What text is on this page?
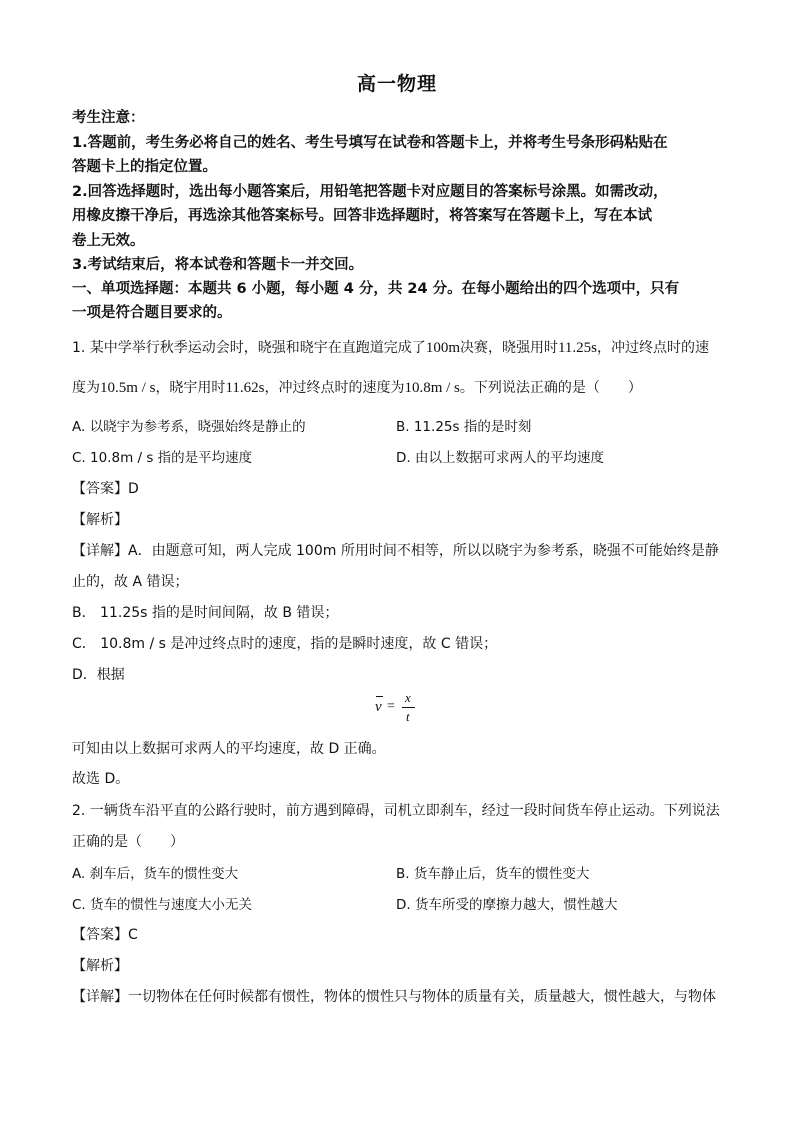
高一物理
考生注意：
1.答题前，考生务必将自己的姓名、考生号填写在试卷和答题卡上，并将考生号条形码粘贴在
答题卡上的指定位置。
2.回答选择题时，选出每小题答案后，用铅笔把答题卡对应题目的答案标号涂黑。如需改动，
用橡皮擦干净后，再选涂其他答案标号。回答非选择题时，将答案写在答题卡上，写在本试
卷上无效。
3.考试结束后，将本试卷和答题卡一并交回。
一、单项选择题：本题共 6 小题，每小题 4 分，共 24 分。在每小题给出的四个选项中，只有
一项是符合题目要求的。
1. 某中学举行秋季运动会时，晓强和晓宇在直跑道完成了100m决赛，晓强用时11.25s，冲过终点时的速
度为10.5m / s，晓宇用时11.62s，冲过终点时的速度为10.8m / s。下列说法正确的是（　　）
A. 以晓宇为参考系，晓强始终是静止的	B. 11.25s 指的是时刻
C. 10.8m / s 指的是平均速度	D. 由以上数据可求两人的平均速度
【答案】D
【解析】
【详解】A．由题意可知，两人完成 100m 所用时间不相等，所以以晓宇为参考系，晓强不可能始终是静
止的，故 A 错误；
B． 11.25s 指的是时间间隔，故 B 错误；
C． 10.8m / s 是冲过终点时的速度，指的是瞬时速度，故 C 错误；
D．根据
v =
x
t
可知由以上数据可求两人的平均速度，故 D 正确。
故选 D。
2. 一辆货车沿平直的公路行驶时，前方遇到障碍，司机立即刹车，经过一段时间货车停止运动。下列说法
正确的是（　　）
A. 刹车后，货车的惯性变大	B. 货车静止后，货车的惯性变大
C. 货车的惯性与速度大小无关	D. 货车所受的摩擦力越大，惯性越大
【答案】C
【解析】
【详解】一切物体在任何时候都有惯性，物体的惯性只与物体的质量有关，质量越大，惯性越大，与物体
